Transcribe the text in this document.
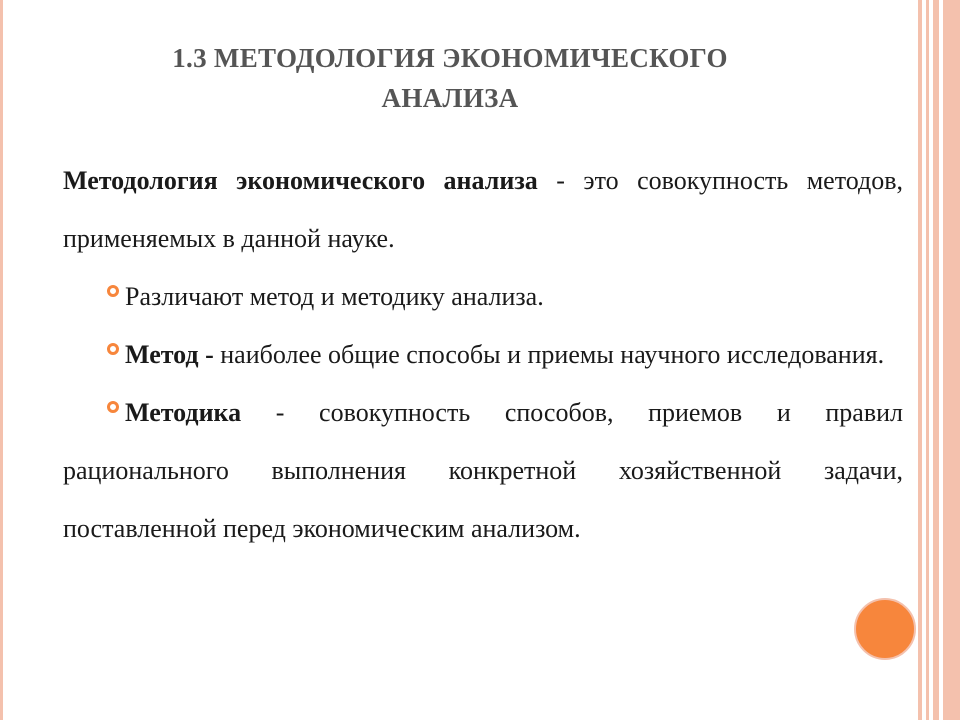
1.3 МЕТОДОЛОГИЯ ЭКОНОМИЧЕСКОГО
АНАЛИЗА

Методология экономического анализа - это совокупность методов, применяемых в данной науке.

Различают метод и методику анализа.

Метод - наиболее общие способы и приемы научного исследования.

Методика - совокупность способов, приемов и правил рационального выполнения конкретной хозяйственной задачи, поставленной перед экономическим анализом.
